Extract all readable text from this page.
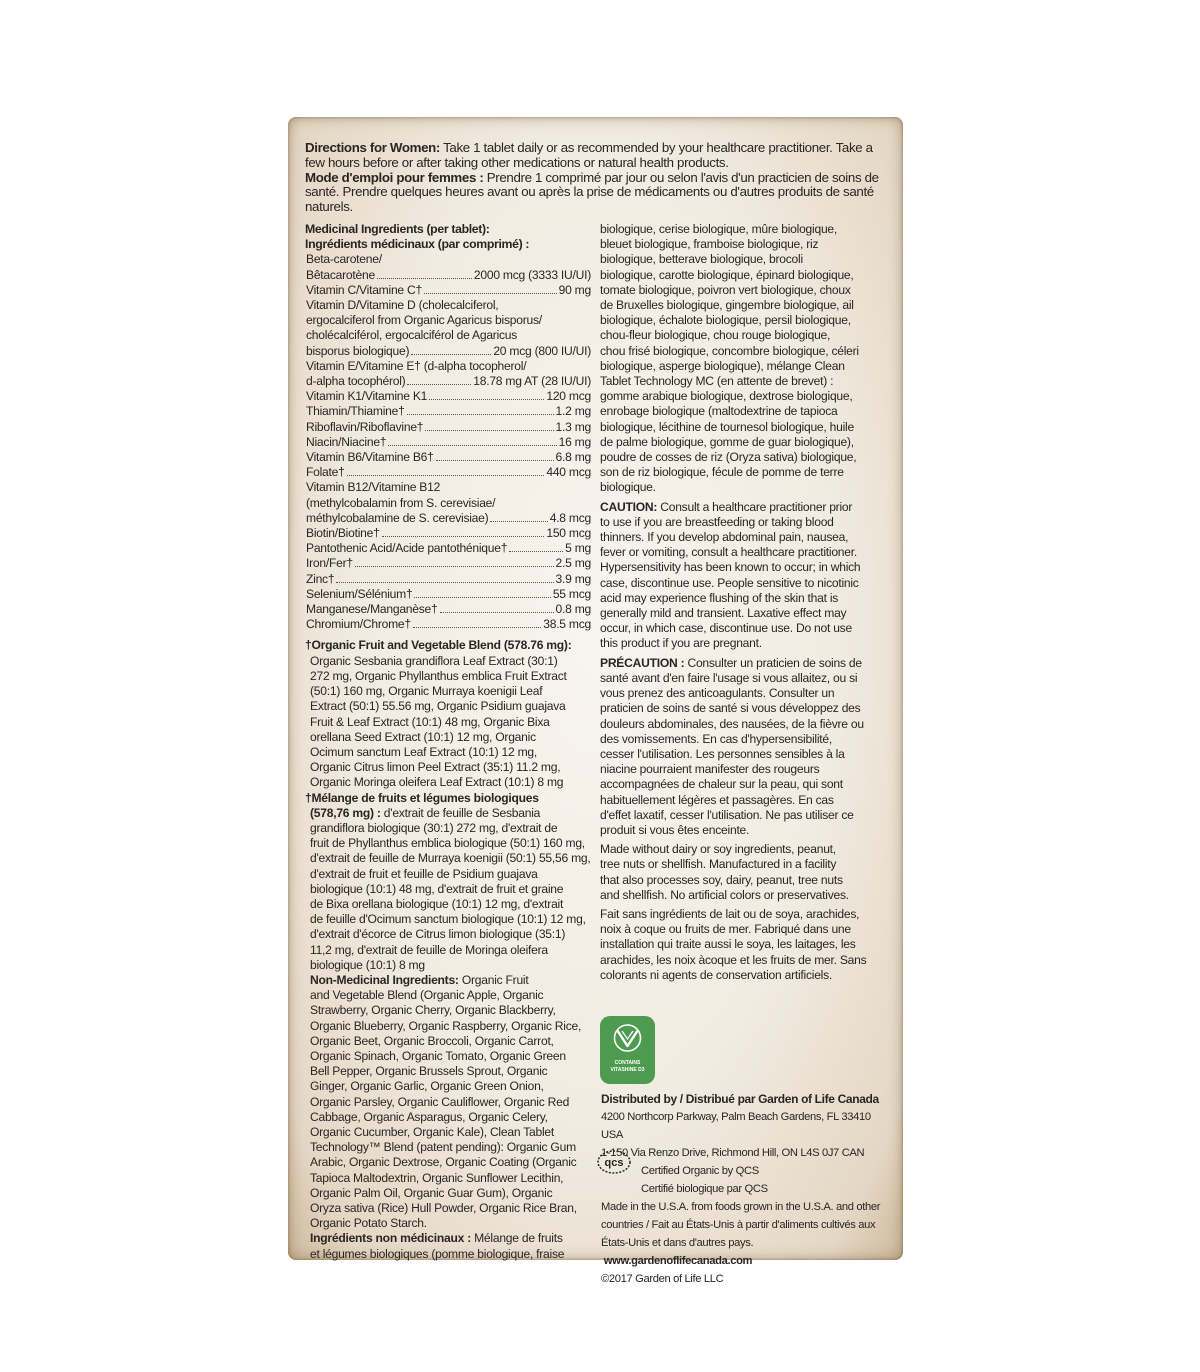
Directions for Women: Take 1 tablet daily or as recommended by your healthcare practitioner. Take a few hours before or after taking other medications or natural health products.

Mode d'emploi pour femmes : Prendre 1 comprimé par jour ou selon l'avis d'un practicien de soins de santé. Prendre quelques heures avant ou après la prise de médicaments ou d'autres produits de santé naturels.

Medicinal Ingredients (per tablet):
Ingrédients médicinaux (par comprimé) :
Beta-carotene/
Bêtacarotène	2000 mcg (3333 IU/UI)
Vitamin C/Vitamine C†	90 mg
Vitamin D/Vitamine D (cholecalciferol,
ergocalciferol from Organic Agaricus bisporus/
cholécalciférol, ergocalciférol de Agaricus
bisporus biologique)	20 mcg (800 IU/UI)
Vitamin E/Vitamine E† (d-alpha tocopherol/
d-alpha tocophérol)	18.78 mg AT (28 IU/UI)
Vitamin K1/Vitamine K1	120 mcg
Thiamin/Thiamine†	1.2 mg
Riboflavin/Riboflavine†	1.3 mg
Niacin/Niacine†	16 mg
Vitamin B6/Vitamine B6†	6.8 mg
Folate†	440 mcg
Vitamin B12/Vitamine B12
(methylcobalamin from S. cerevisiae/
méthylcobalamine de S. cerevisiae)	4.8 mcg
Biotin/Biotine†	150 mcg
Pantothenic Acid/Acide pantothénique†	5 mg
Iron/Fer†	2.5 mg
Zinc†	3.9 mg
Selenium/Sélénium†	55 mcg
Manganese/Manganèse†	0.8 mg
Chromium/Chrome†	38.5 mcg
†Organic Fruit and Vegetable Blend (578.76 mg):
Organic Sesbania grandiflora Leaf Extract (30:1)
272 mg, Organic Phyllanthus emblica Fruit Extract
(50:1) 160 mg, Organic Murraya koenigii Leaf
Extract (50:1) 55.56 mg, Organic Psidium guajava
Fruit & Leaf Extract (10:1) 48 mg, Organic Bixa
orellana Seed Extract (10:1) 12 mg, Organic
Ocimum sanctum Leaf Extract (10:1) 12 mg,
Organic Citrus limon Peel Extract (35:1) 11.2 mg,
Organic Moringa oleifera Leaf Extract (10:1) 8 mg
†Mélange de fruits et légumes biologiques
(578,76 mg) : d'extrait de feuille de Sesbania
grandiflora biologique (30:1) 272 mg, d'extrait de
fruit de Phyllanthus emblica biologique (50:1) 160 mg,
d'extrait de feuille de Murraya koenigii (50:1) 55,56 mg,
d'extrait de fruit et feuille de Psidium guajava
biologique (10:1) 48 mg, d'extrait de fruit et graine
de Bixa orellana biologique (10:1) 12 mg, d'extrait
de feuille d'Ocimum sanctum biologique (10:1) 12 mg,
d'extrait d'écorce de Citrus limon biologique (35:1)
11,2 mg, d'extrait de feuille de Moringa oleifera
biologique (10:1) 8 mg
Non-Medicinal Ingredients: Organic Fruit
and Vegetable Blend (Organic Apple, Organic
Strawberry, Organic Cherry, Organic Blackberry,
Organic Blueberry, Organic Raspberry, Organic Rice,
Organic Beet, Organic Broccoli, Organic Carrot,
Organic Spinach, Organic Tomato, Organic Green
Bell Pepper, Organic Brussels Sprout, Organic
Ginger, Organic Garlic, Organic Green Onion,
Organic Parsley, Organic Cauliflower, Organic Red
Cabbage, Organic Asparagus, Organic Celery,
Organic Cucumber, Organic Kale), Clean Tablet
Technology™ Blend (patent pending): Organic Gum
Arabic, Organic Dextrose, Organic Coating (Organic
Tapioca Maltodextrin, Organic Sunflower Lecithin,
Organic Palm Oil, Organic Guar Gum), Organic
Oryza sativa (Rice) Hull Powder, Organic Rice Bran,
Organic Potato Starch.
Ingrédients non médicinaux : Mélange de fruits
et légumes biologiques (pomme biologique, fraise

biologique, cerise biologique, mûre biologique,
bleuet biologique, framboise biologique, riz
biologique, betterave biologique, brocoli
biologique, carotte biologique, épinard biologique,
tomate biologique, poivron vert biologique, choux
de Bruxelles biologique, gingembre biologique, ail
biologique, échalote biologique, persil biologique,
chou-fleur biologique, chou rouge biologique,
chou frisé biologique, concombre biologique, céleri
biologique, asperge biologique), mélange Clean
Tablet Technology MC (en attente de brevet) :
gomme arabique biologique, dextrose biologique,
enrobage biologique (maltodextrine de tapioca
biologique, lécithine de tournesol biologique, huile
de palme biologique, gomme de guar biologique),
poudre de cosses de riz (Oryza sativa) biologique,
son de riz biologique, fécule de pomme de terre
biologique.

CAUTION: Consult a healthcare practitioner prior
to use if you are breastfeeding or taking blood
thinners. If you develop abdominal pain, nausea,
fever or vomiting, consult a healthcare practitioner.
Hypersensitivity has been known to occur; in which
case, discontinue use. People sensitive to nicotinic
acid may experience flushing of the skin that is
generally mild and transient. Laxative effect may
occur, in which case, discontinue use. Do not use
this product if you are pregnant.

PRÉCAUTION : Consulter un praticien de soins de
santé avant d'en faire l'usage si vous allaitez, ou si
vous prenez des anticoagulants. Consulter un
praticien de soins de santé si vous développez des
douleurs abdominales, des nausées, de la fièvre ou
des vomissements. En cas d'hypersensibilité,
cesser l'utilisation. Les personnes sensibles à la
niacine pourraient manifester des rougeurs
accompagnées de chaleur sur la peau, qui sont
habituellement légères et passagères. En cas
d'effet laxatif, cesser l'utilisation. Ne pas utiliser ce
produit si vous êtes enceinte.

Made without dairy or soy ingredients, peanut,
tree nuts or shellfish. Manufactured in a facility
that also processes soy, dairy, peanut, tree nuts
and shellfish. No artificial colors or preservatives.

Fait sans ingrédients de lait ou de soya, arachides,
noix à coque ou fruits de mer. Fabriqué dans une
installation qui traite aussi le soya, les laitages, les
arachides, les noix àcoque et les fruits de mer. Sans
colorants ni agents de conservation artificiels.

CONTAINS
VITASHINE D3
Distributed by / Distribué par Garden of Life Canada
4200 Northcorp Parkway, Palm Beach Gardens, FL 33410 USA
1-150 Via Renzo Drive, Richmond Hill, ON L4S 0J7 CAN
Certified Organic by QCS
Certifié biologique par QCS
Made in the U.S.A. from foods grown in the U.S.A. and other
countries / Fait au États-Unis à partir d'aliments cultivés aux
États-Unis et dans d'autres pays.  www.gardenoflifecanada.com
©2017 Garden of Life LLC
qcs
